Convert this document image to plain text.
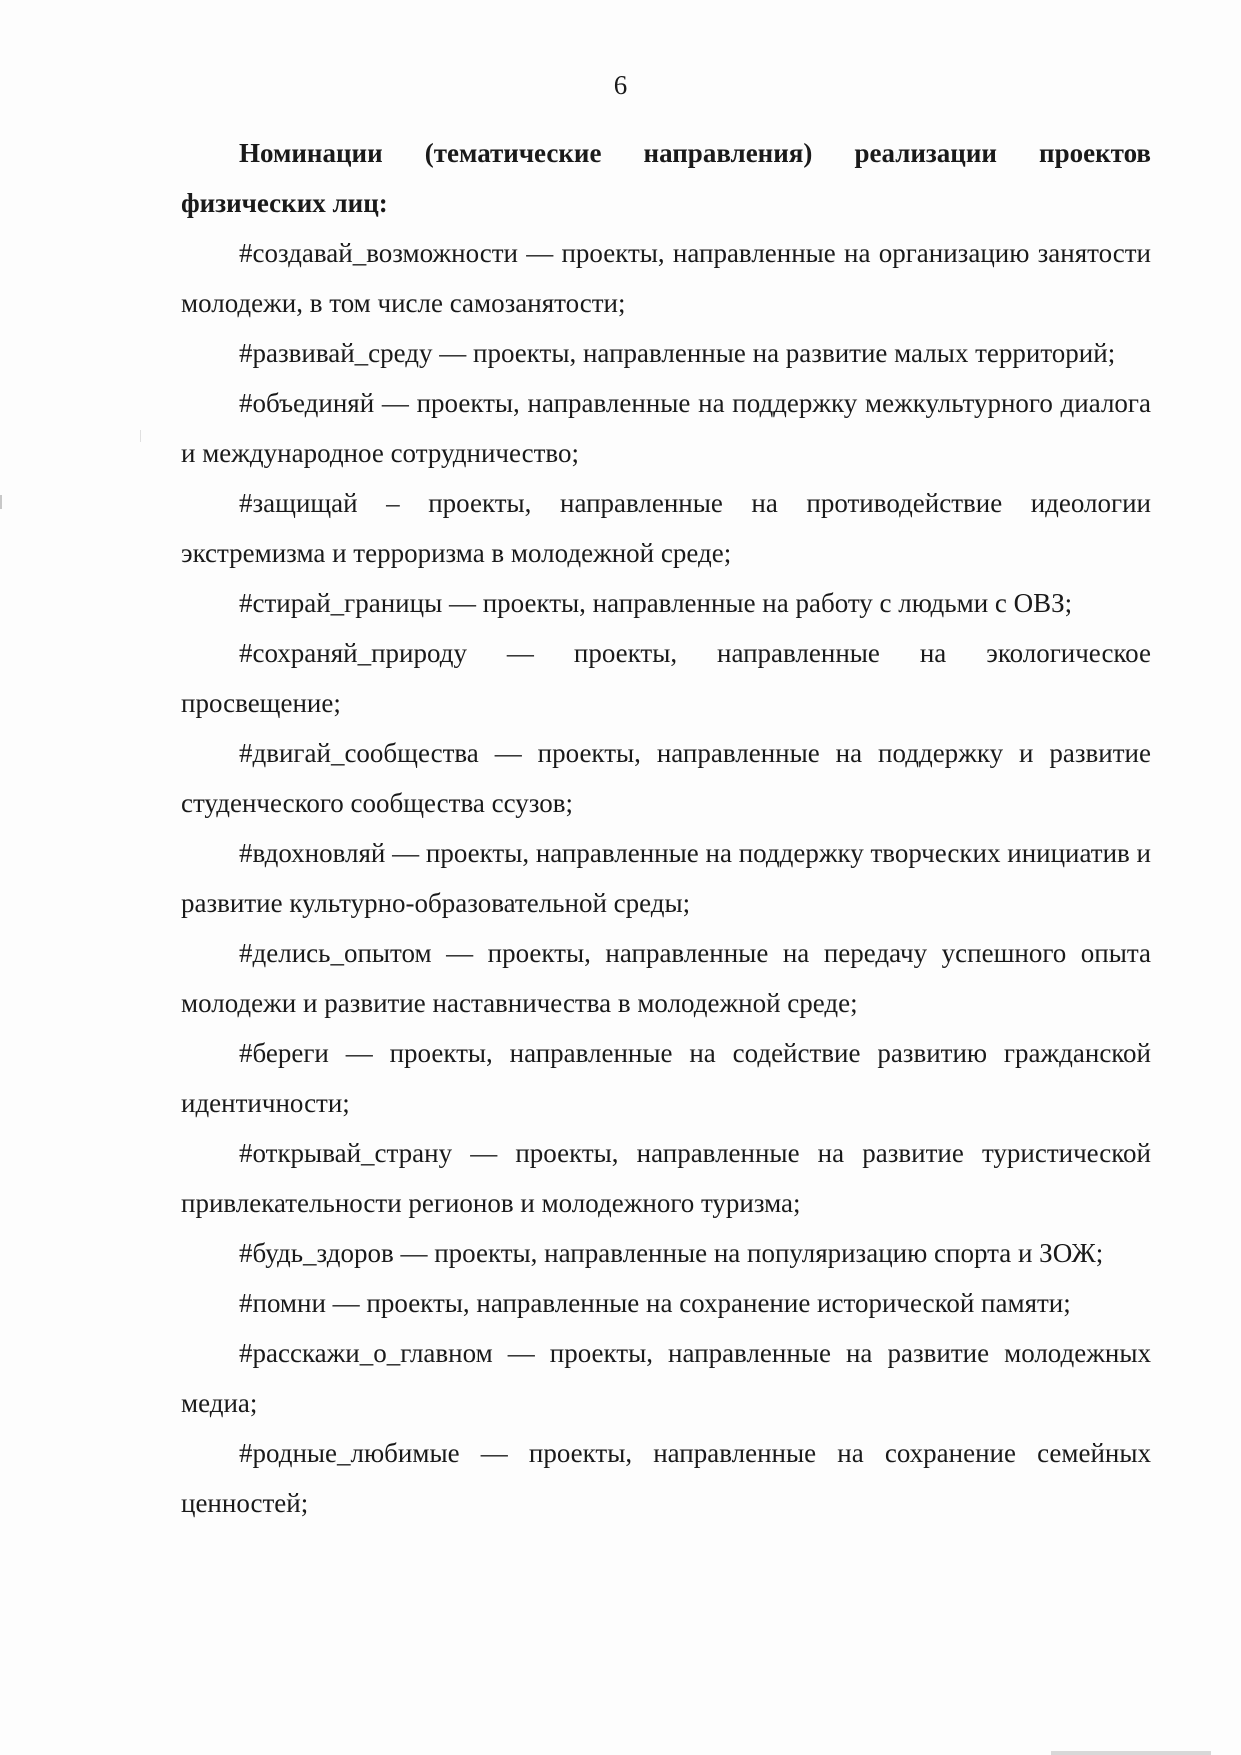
6

Номинации (тематические направления) реализации проектов физических лиц:

#создавай_возможности — проекты, направленные на организацию занятости молодежи, в том числе самозанятости;

#развивай_среду — проекты, направленные на развитие малых территорий;

#объединяй — проекты, направленные на поддержку межкультурного диалога и международное сотрудничество;

#защищай – проекты, направленные на противодействие идеологии экстремизма и терроризма в молодежной среде;

#стирай_границы — проекты, направленные на работу с людьми с ОВЗ;

#сохраняй_природу — проекты, направленные на экологическое просвещение;

#двигай_сообщества — проекты, направленные на поддержку и развитие студенческого сообщества ссузов;

#вдохновляй — проекты, направленные на поддержку творческих инициатив и развитие культурно-образовательной среды;

#делись_опытом — проекты, направленные на передачу успешного опыта молодежи и развитие наставничества в молодежной среде;

#береги — проекты, направленные на содействие развитию гражданской идентичности;

#открывай_страну — проекты, направленные на развитие туристической привлекательности регионов и молодежного туризма;

#будь_здоров — проекты, направленные на популяризацию спорта и ЗОЖ;

#помни — проекты, направленные на сохранение исторической памяти;

#расскажи_о_главном — проекты, направленные на развитие молодежных медиа;

#родные_любимые — проекты, направленные на сохранение семейных ценностей;
